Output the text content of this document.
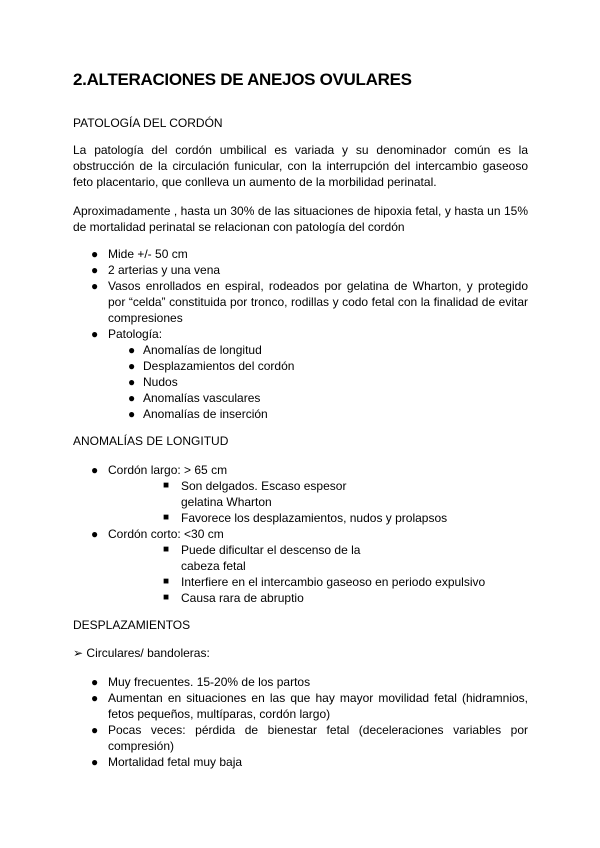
2.ALTERACIONES DE ANEJOS OVULARES

PATOLOGÍA DEL CORDÓN

La patología del cordón umbilical es variada y su denominador común es la obstrucción de la circulación funicular, con la interrupción del intercambio gaseoso feto placentario, que conlleva un aumento de la morbilidad perinatal.

Aproximadamente , hasta un 30% de las situaciones de hipoxia fetal, y hasta un 15% de mortalidad perinatal se relacionan con patología del cordón

● Mide +/- 50 cm
● 2 arterias y una vena
● Vasos enrollados en espiral, rodeados por gelatina de Wharton, y protegido por “celda” constituida por tronco, rodillas y codo fetal con la finalidad de evitar compresiones
● Patología:
● Anomalías de longitud
● Desplazamientos del cordón
● Nudos
● Anomalías vasculares
● Anomalías de inserción

ANOMALÍAS DE LONGITUD

● Cordón largo: > 65 cm
■ Son delgados. Escaso espesor gelatina Wharton
■ Favorece los desplazamientos, nudos y prolapsos
● Cordón corto: <30 cm
■ Puede dificultar el descenso de la cabeza fetal
■ Interfiere en el intercambio gaseoso en periodo expulsivo
■ Causa rara de abruptio

DESPLAZAMIENTOS

➢ Circulares/ bandoleras:

● Muy frecuentes. 15-20% de los partos
● Aumentan en situaciones en las que hay mayor movilidad fetal (hidramnios, fetos pequeños, multíparas, cordón largo)
● Pocas veces: pérdida de bienestar fetal (deceleraciones variables por compresión)
● Mortalidad fetal muy baja
